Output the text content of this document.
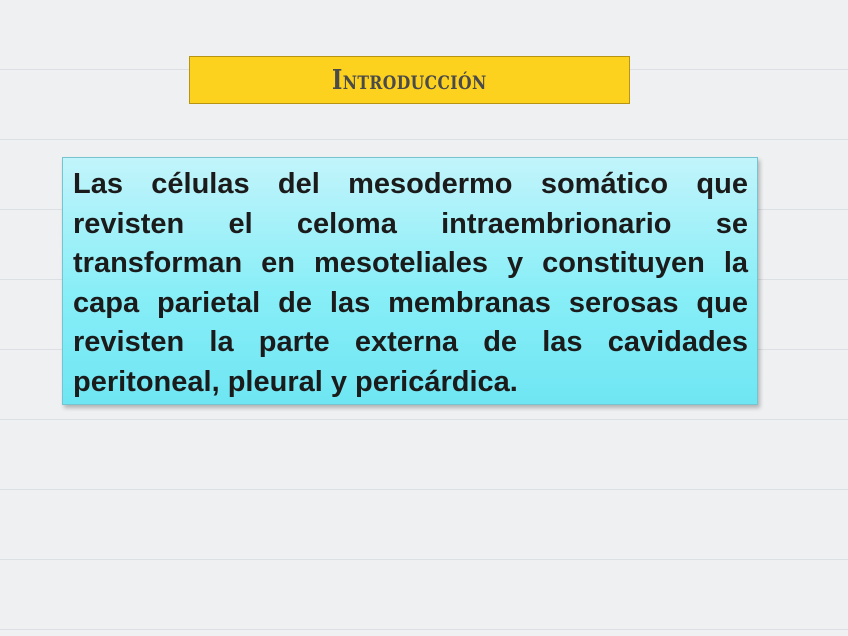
Introducción

Las células del mesodermo somático que revisten el celoma intraembrionario se transforman en mesoteliales y constituyen la capa parietal de las membranas serosas que revisten la parte externa de las cavidades peritoneal, pleural y pericárdica.
